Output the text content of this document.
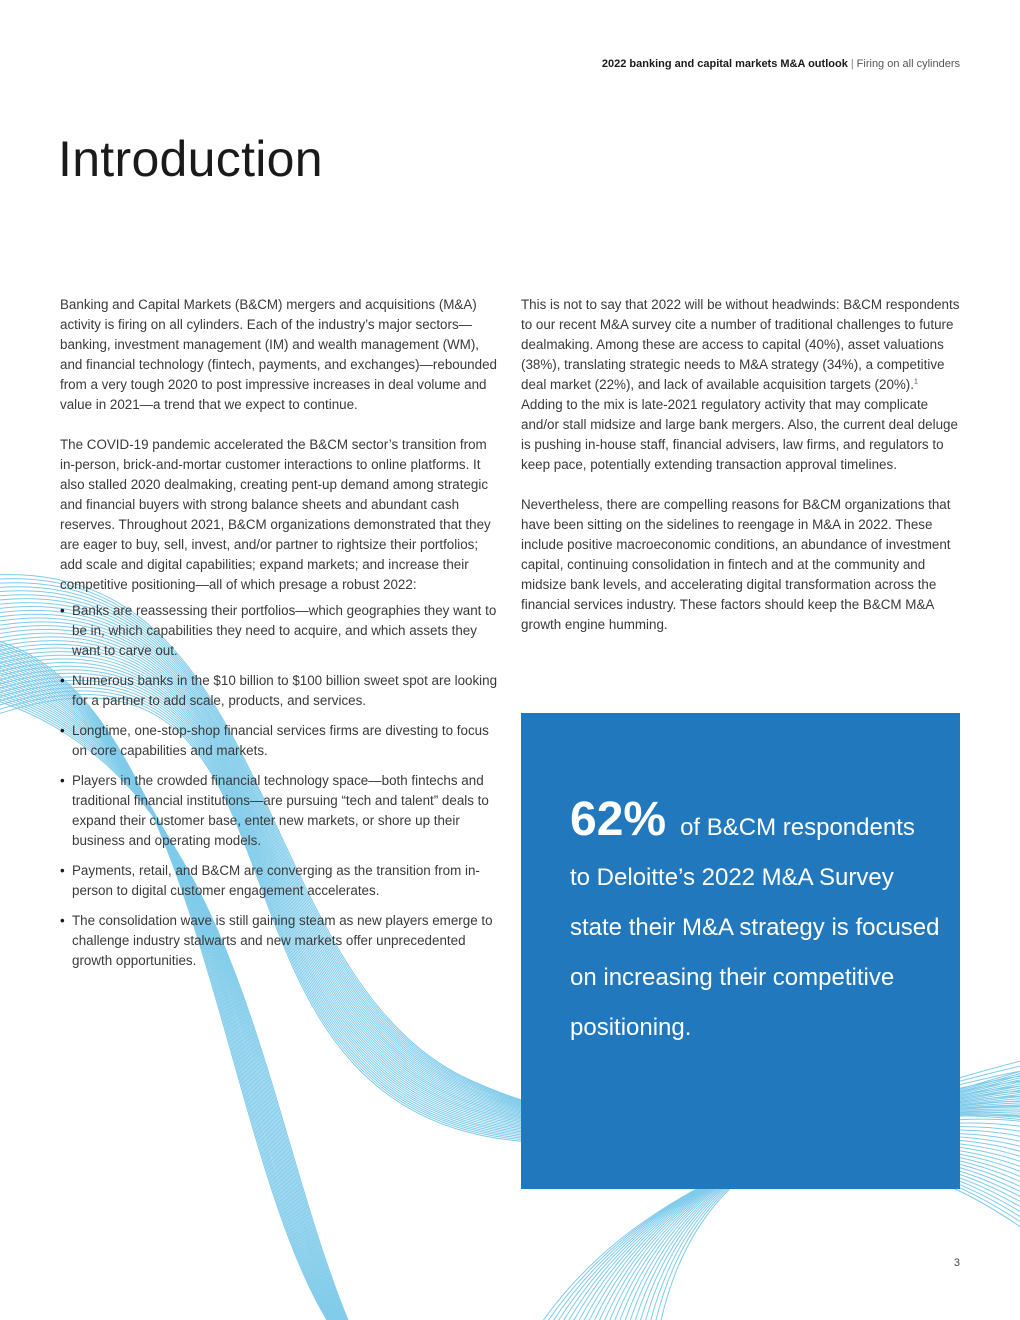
2022 banking and capital markets M&A outlook | Firing on all cylinders
Introduction

Banking and Capital Markets (B&CM) mergers and acquisitions (M&A) activity is firing on all cylinders. Each of the industry’s major sectors—banking, investment management (IM) and wealth management (WM), and financial technology (fintech, payments, and exchanges)—rebounded from a very tough 2020 to post impressive increases in deal volume and value in 2021—a trend that we expect to continue.

The COVID-19 pandemic accelerated the B&CM sector’s transition from in-person, brick-and-mortar customer interactions to online platforms. It also stalled 2020 dealmaking, creating pent-up demand among strategic and financial buyers with strong balance sheets and abundant cash reserves. Throughout 2021, B&CM organizations demonstrated that they are eager to buy, sell, invest, and/or partner to rightsize their portfolios; add scale and digital capabilities; expand markets; and increase their competitive positioning—all of which presage a robust 2022:

• Banks are reassessing their portfolios—which geographies they want to be in, which capabilities they need to acquire, and which assets they want to carve out.
• Numerous banks in the $10 billion to $100 billion sweet spot are looking for a partner to add scale, products, and services.
• Longtime, one-stop-shop financial services firms are divesting to focus on core capabilities and markets.
• Players in the crowded financial technology space—both fintechs and traditional financial institutions—are pursuing “tech and talent” deals to expand their customer base, enter new markets, or shore up their business and operating models.
• Payments, retail, and B&CM are converging as the transition from in-person to digital customer engagement accelerates.
• The consolidation wave is still gaining steam as new players emerge to challenge industry stalwarts and new markets offer unprecedented growth opportunities.

This is not to say that 2022 will be without headwinds: B&CM respondents to our recent M&A survey cite a number of traditional challenges to future dealmaking. Among these are access to capital (40%), asset valuations (38%), translating strategic needs to M&A strategy (34%), a competitive deal market (22%), and lack of available acquisition targets (20%).$^1$ Adding to the mix is late-2021 regulatory activity that may complicate and/or stall midsize and large bank mergers. Also, the current deal deluge is pushing in-house staff, financial advisers, law firms, and regulators to keep pace, potentially extending transaction approval timelines.

Nevertheless, there are compelling reasons for B&CM organizations that have been sitting on the sidelines to reengage in M&A in 2022. These include positive macroeconomic conditions, an abundance of investment capital, continuing consolidation in fintech and at the community and midsize bank levels, and accelerating digital transformation across the financial services industry. These factors should keep the B&CM M&A growth engine humming.

62% of B&CM respondents to Deloitte’s 2022 M&A Survey state their M&A strategy is focused on increasing their competitive positioning.
3
